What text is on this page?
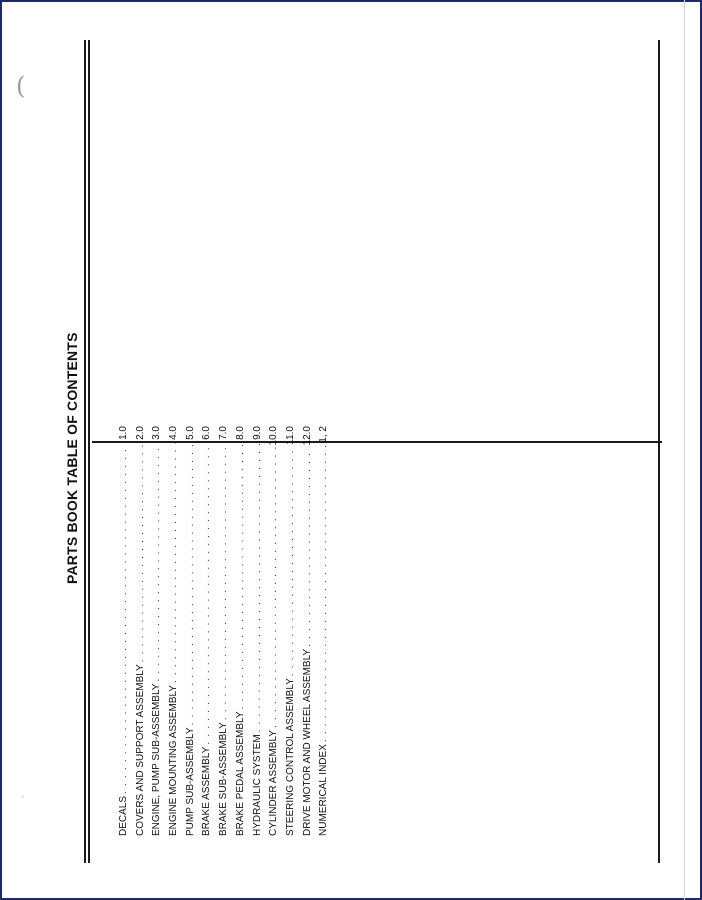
(
·
PARTS BOOK TABLE OF CONTENTS
DECALS
. . .
1.0
COVERS AND SUPPORT ASSEMBLY
. . .
2.0
ENGINE, PUMP SUB-ASSEMBLY
. . .
3.0
ENGINE MOUNTING ASSEMBLY
. . .
4.0
PUMP SUB-ASSEMBLY
. . .
5.0
BRAKE ASSEMBLY
. . .
6.0
BRAKE SUB-ASSEMBLY
. . .
7.0
BRAKE PEDAL ASSEMBLY
. . .
8.0
HYDRAULIC SYSTEM
. . .
9.0
CYLINDER ASSEMBLY
. . .
10.0
STEERING CONTROL ASSEMBLY
. . .
11.0
DRIVE MOTOR AND WHEEL ASSEMBLY
. . .
12.0
NUMERICAL INDEX
. . .
1, 2
